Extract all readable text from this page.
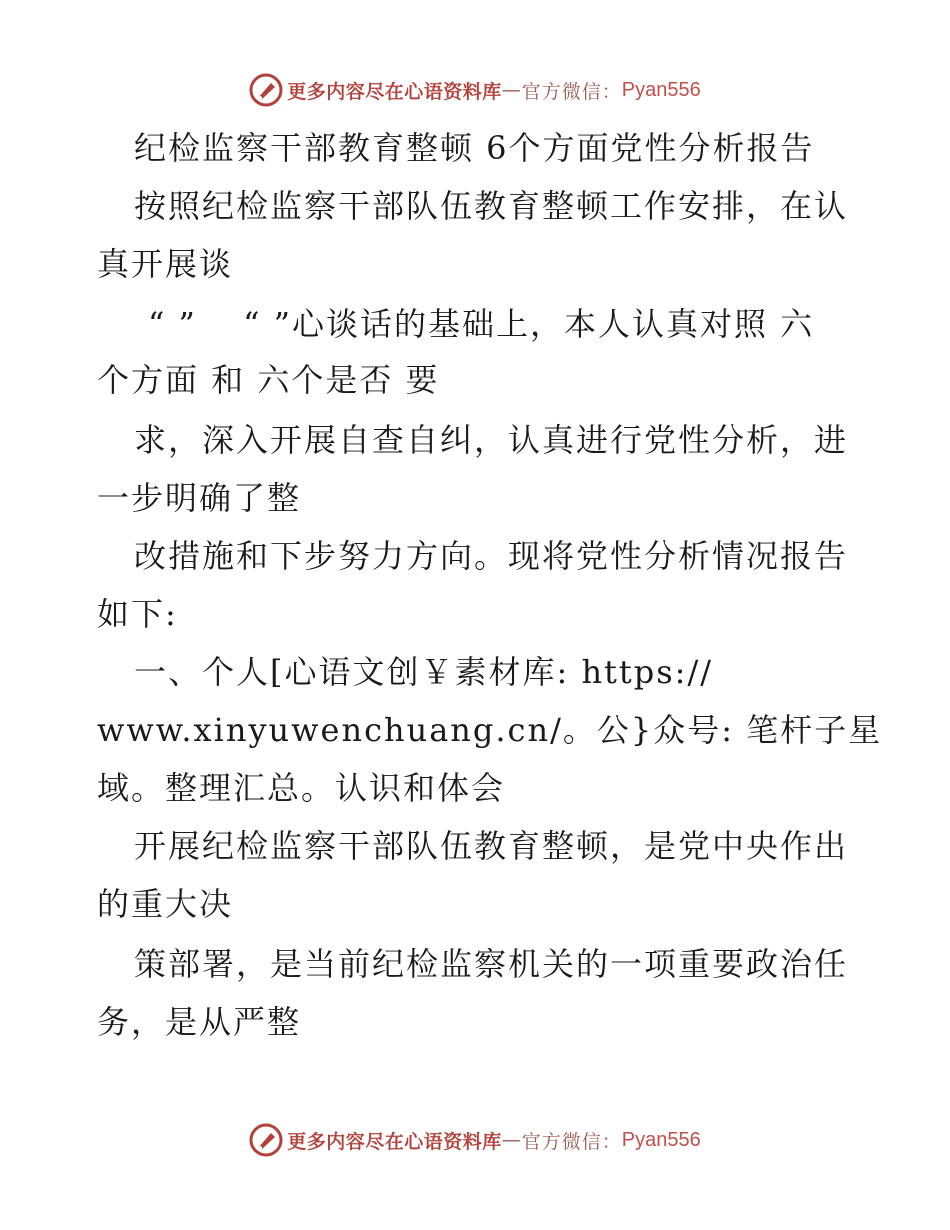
更多内容尽在心语资料库 — 官方微信： Pyan556
纪检监察干部教育整顿 6个方面党性分析报告
按照纪检监察干部队伍教育整顿工作安排，在认
真开展谈
“ ”　 “ ”心谈话的基础上，本人认真对照 六
个方面 和 六个是否 要
求，深入开展自查自纠，认真进行党性分析，进
一步明确了整
改措施和下步努力方向。现将党性分析情况报告
如下:
一、个人[心语文创￥素材库: https://
www.xinyuwenchuang.cn/。公}众号: 笔杆子星
域。整理汇总。认识和体会
开展纪检监察干部队伍教育整顿，是党中央作出
的重大决
策部署，是当前纪检监察机关的一项重要政治任
务，是从严整
更多内容尽在心语资料库 — 官方微信： Pyan556
